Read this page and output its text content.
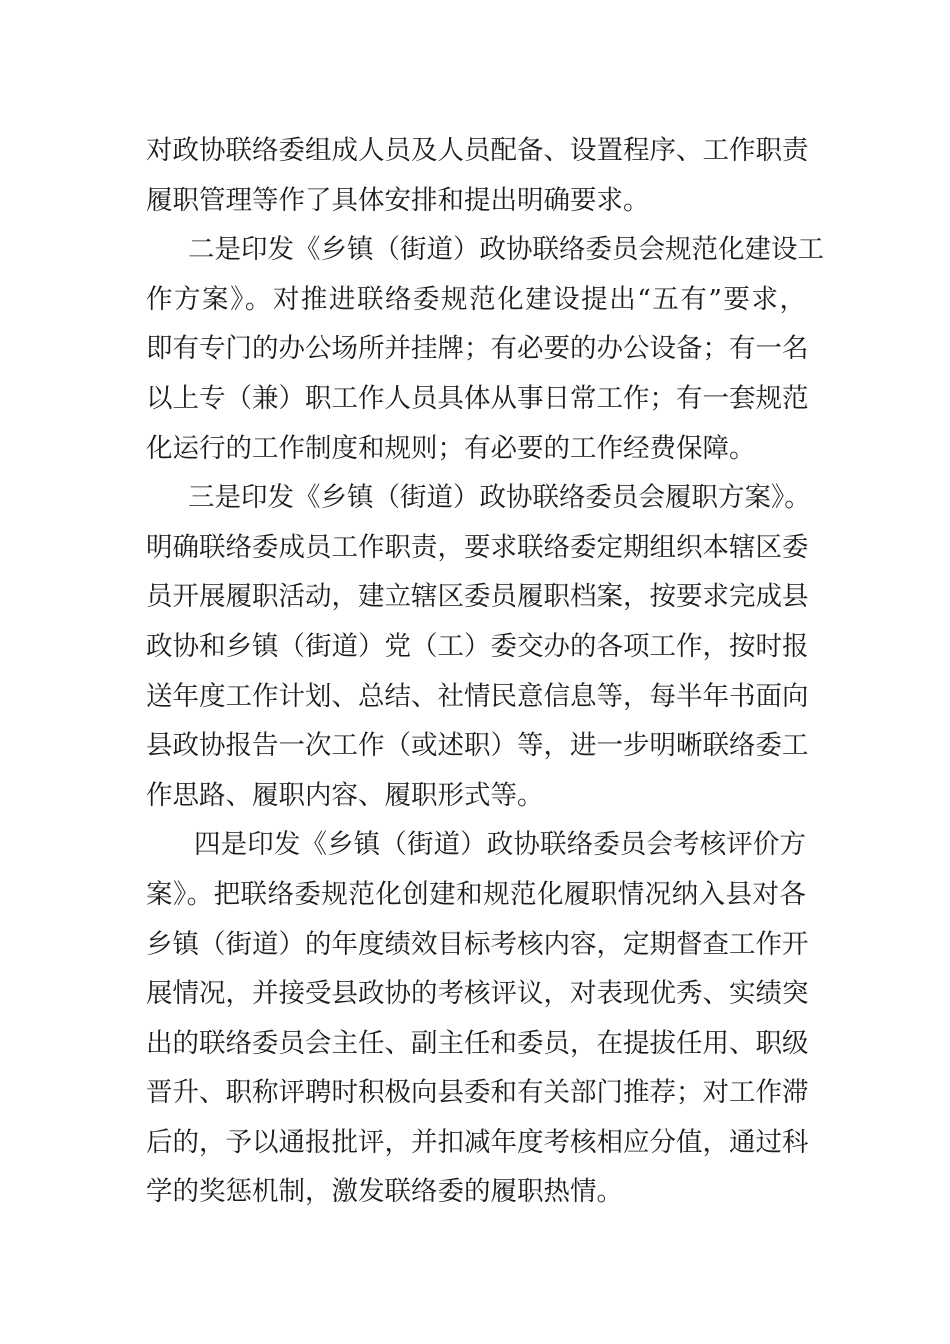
对政协联络委组成人员及人员配备、设置程序、工作职责
履职管理等作了具体安排和提出明确要求。
二是印发《乡镇（街道）政协联络委员会规范化建设工
作方案》。对推进联络委规范化建设提出“五有”要求，
即有专门的办公场所并挂牌；有必要的办公设备；有一名
以上专（兼）职工作人员具体从事日常工作；有一套规范
化运行的工作制度和规则；有必要的工作经费保障。
三是印发《乡镇（街道）政协联络委员会履职方案》。
明确联络委成员工作职责，要求联络委定期组织本辖区委
员开展履职活动，建立辖区委员履职档案，按要求完成县
政协和乡镇（街道）党（工）委交办的各项工作，按时报
送年度工作计划、总结、社情民意信息等，每半年书面向
县政协报告一次工作（或述职）等，进一步明晰联络委工
作思路、履职内容、履职形式等。
四是印发《乡镇（街道）政协联络委员会考核评价方
案》。把联络委规范化创建和规范化履职情况纳入县对各
乡镇（街道）的年度绩效目标考核内容，定期督查工作开
展情况，并接受县政协的考核评议，对表现优秀、实绩突
出的联络委员会主任、副主任和委员，在提拔任用、职级
晋升、职称评聘时积极向县委和有关部门推荐；对工作滞
后的，予以通报批评，并扣减年度考核相应分值，通过科
学的奖惩机制，激发联络委的履职热情。
